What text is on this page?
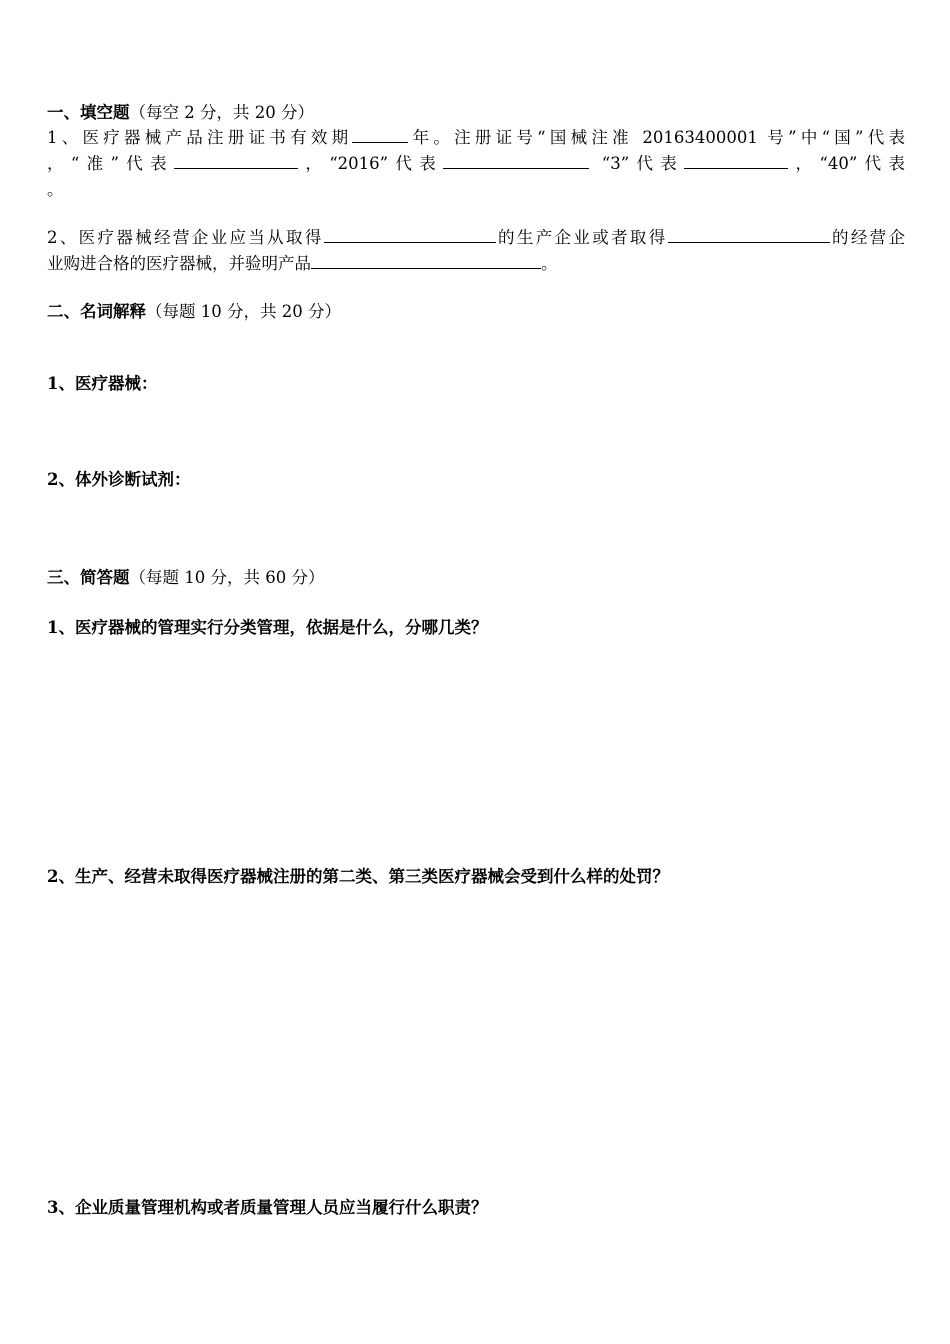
一、填空题（每空 2 分，共 20 分）
1、医疗器械产品注册证书有效期	年。注册证号“国械注准 20163400001 号”中“国”代表
，“准”代表	，“2016”代表	“3”代表	，“40”代表
。
2、医疗器械经营企业应当从取得	的生产企业或者取得	的经营企
业购进合格的医疗器械，并验明产品	。
二、名词解释（每题 10 分，共 20 分）
1、医疗器械：
2、体外诊断试剂：
三、简答题（每题 10 分，共 60 分）
1、医疗器械的管理实行分类管理，依据是什么，分哪几类？
2、生产、经营未取得医疗器械注册的第二类、第三类医疗器械会受到什么样的处罚？
3、企业质量管理机构或者质量管理人员应当履行什么职责？
